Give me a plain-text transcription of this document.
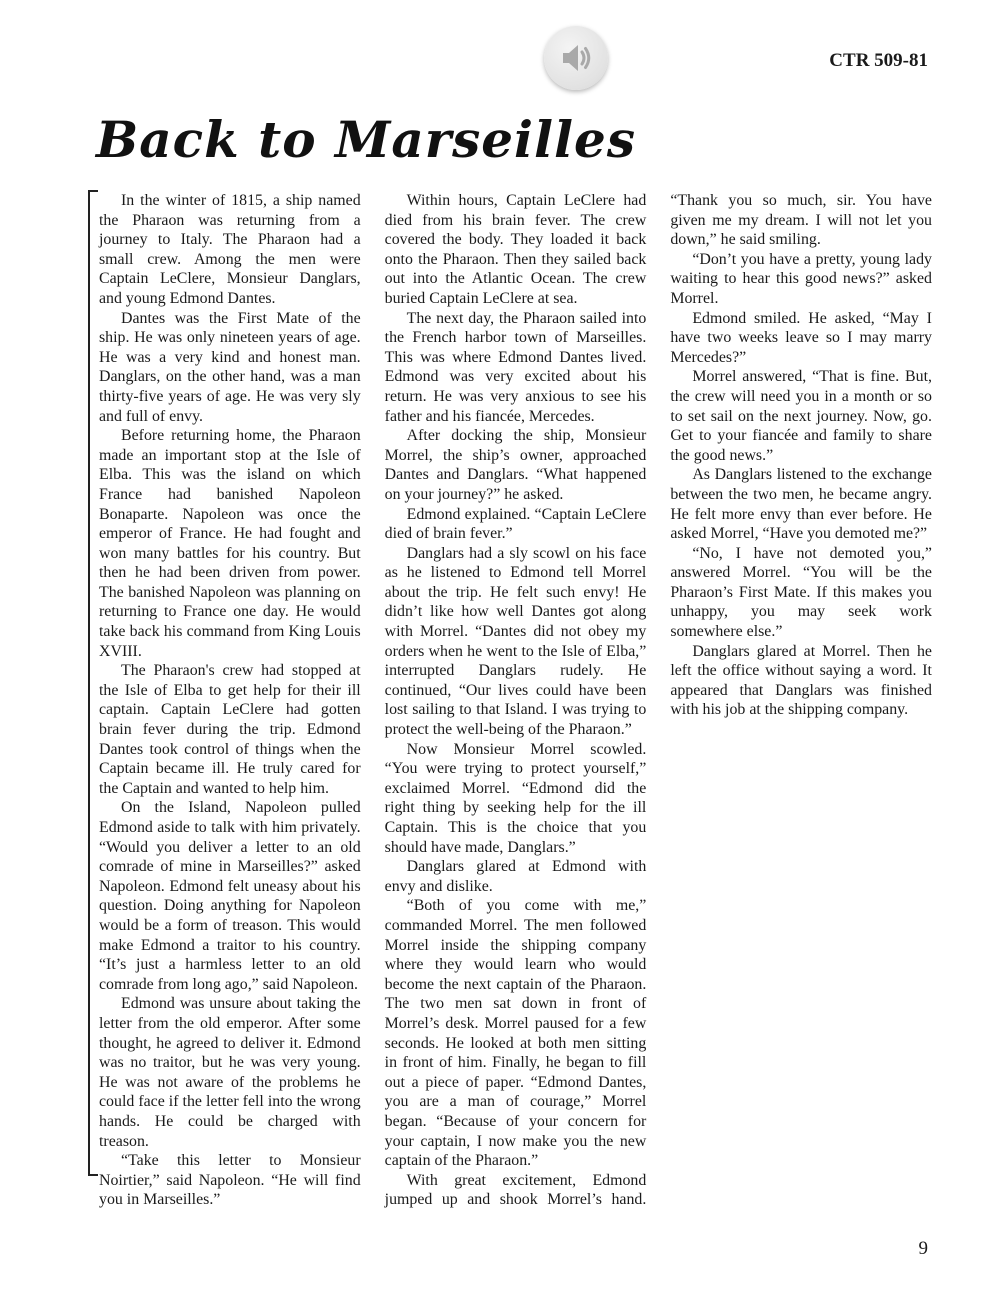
CTR 509-81
Back to Marseilles

In the winter of 1815, a ship named the Pharaon was returning from a journey to Italy. The Pharaon had a small crew. Among the men were Captain LeClere, Monsieur Danglars, and young Edmond Dantes.

Dantes was the First Mate of the ship. He was only nineteen years of age. He was a very kind and honest man. Danglars, on the other hand, was a man thirty-five years of age. He was very sly and full of envy.

Before returning home, the Pharaon made an important stop at the Isle of Elba. This was the island on which France had banished Napoleon Bonaparte. Napoleon was once the emperor of France. He had fought and won many battles for his country. But then he had been driven from power. The banished Napoleon was planning on returning to France one day. He would take back his command from King Louis XVIII.

The Pharaon's crew had stopped at the Isle of Elba to get help for their ill captain. Captain LeClere had gotten brain fever during the trip. Edmond Dantes took control of things when the Captain became ill. He truly cared for the Captain and wanted to help him.

On the Island, Napoleon pulled Edmond aside to talk with him privately. “Would you deliver a letter to an old comrade of mine in Marseilles?” asked Napoleon. Edmond felt uneasy about his question. Doing anything for Napoleon would be a form of treason. This would make Edmond a traitor to his country. “It’s just a harmless letter to an old comrade from long ago,” said Napoleon.

Edmond was unsure about taking the letter from the old emperor. After some thought, he agreed to deliver it. Edmond was no traitor, but he was very young. He was not aware of the problems he could face if the letter fell into the wrong hands. He could be charged with treason.

“Take this letter to Monsieur Noirtier,” said Napoleon. “He will find you in Marseilles.”

Within hours, Captain LeClere had died from his brain fever. The crew covered the body. They loaded it back onto the Pharaon. Then they sailed back out into the Atlantic Ocean. The crew buried Captain LeClere at sea.

The next day, the Pharaon sailed into the French harbor town of Marseilles. This was where Edmond Dantes lived. Edmond was very excited about his return. He was very anxious to see his father and his fiancée, Mercedes.

After docking the ship, Monsieur Morrel, the ship’s owner, approached Dantes and Danglars. “What happened on your journey?” he asked.

Edmond explained. “Captain LeClere died of brain fever.”

Danglars had a sly scowl on his face as he listened to Edmond tell Morrel about the trip. He felt such envy! He didn’t like how well Dantes got along with Morrel. “Dantes did not obey my orders when he went to the Isle of Elba,” interrupted Danglars rudely. He continued, “Our lives could have been lost sailing to that Island. I was trying to protect the well-being of the Pharaon.”

Now Monsieur Morrel scowled. “You were trying to protect yourself,” exclaimed Morrel. “Edmond did the right thing by seeking help for the ill Captain. This is the choice that you should have made, Danglars.”

Danglars glared at Edmond with envy and dislike.

“Both of you come with me,” commanded Morrel. The men followed Morrel inside the shipping company where they would learn who would become the next captain of the Pharaon. The two men sat down in front of Morrel’s desk. Morrel paused for a few seconds. He looked at both men sitting in front of him. Finally, he began to fill out a piece of paper. “Edmond Dantes, you are a man of courage,” Morrel began. “Because of your concern for your captain, I now make you the new captain of the Pharaon.”

With great excitement, Edmond jumped up and shook Morrel’s hand. “Thank you so much, sir. You have given me my dream. I will not let you down,” he said smiling.

“Don’t you have a pretty, young lady waiting to hear this good news?” asked Morrel.

Edmond smiled. He asked, “May I have two weeks leave so I may marry Mercedes?”

Morrel answered, “That is fine. But, the crew will need you in a month or so to set sail on the next journey. Now, go. Get to your fiancée and family to share the good news.”

As Danglars listened to the exchange between the two men, he became angry. He felt more envy than ever before. He asked Morrel, “Have you demoted me?”

“No, I have not demoted you,” answered Morrel. “You will be the Pharaon’s First Mate. If this makes you unhappy, you may seek work somewhere else.”

Danglars glared at Morrel. Then he left the office without saying a word. It appeared that Danglars was finished with his job at the shipping company.

9
